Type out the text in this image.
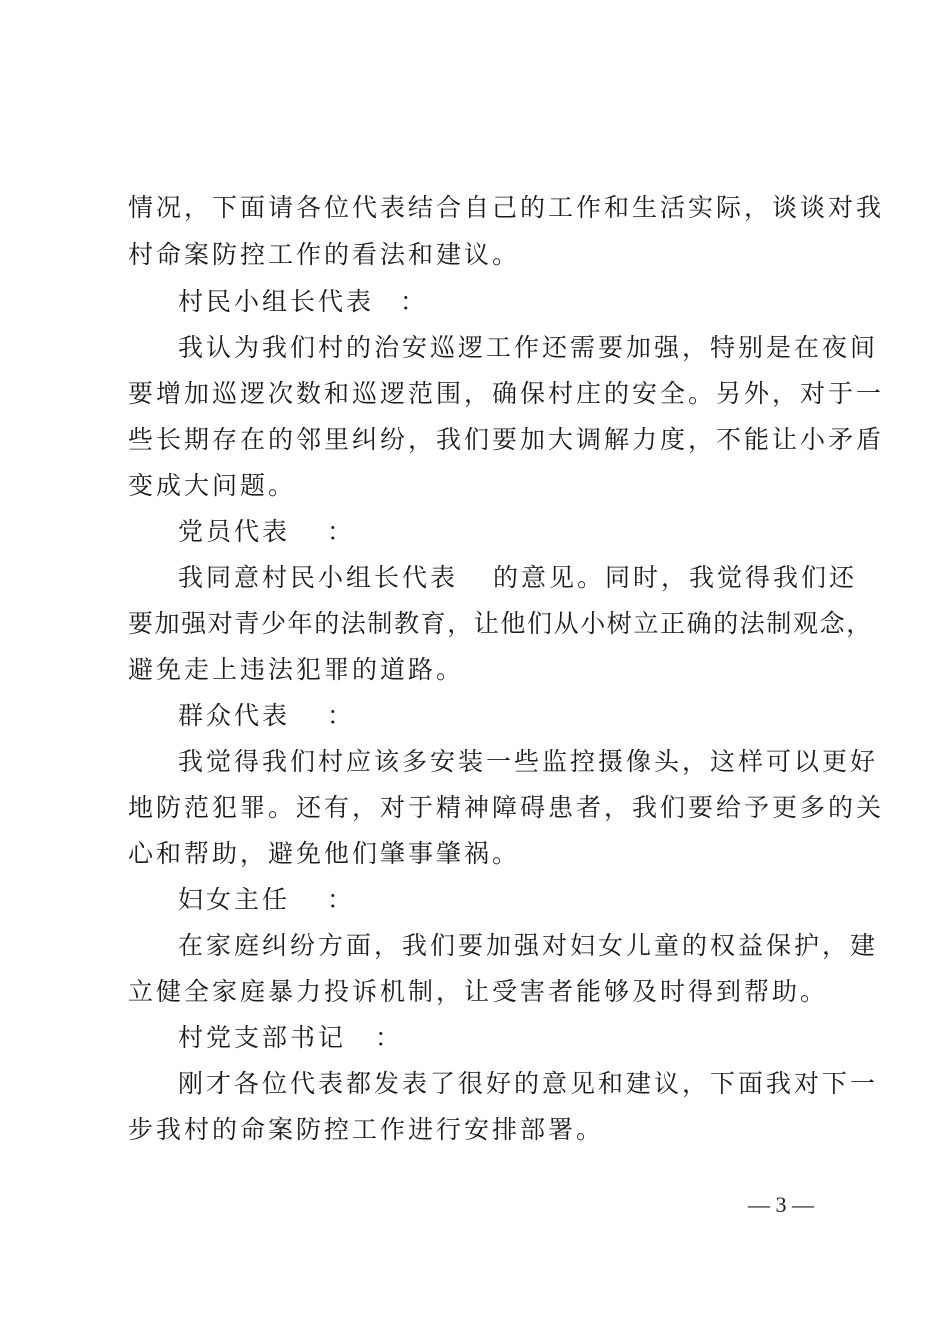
情况，下面请各位代表结合自己的工作和生活实际，谈谈对我
村命案防控工作的看法和建议。
村民小组长代表 ：
我认为我们村的治安巡逻工作还需要加强，特别是在夜间
要增加巡逻次数和巡逻范围，确保村庄的安全。另外，对于一
些长期存在的邻里纠纷，我们要加大调解力度，不能让小矛盾
变成大问题。
党员代表 ：
我同意村民小组长代表 的意见。同时，我觉得我们还
要加强对青少年的法制教育，让他们从小树立正确的法制观念，
避免走上违法犯罪的道路。
群众代表 ：
我觉得我们村应该多安装一些监控摄像头，这样可以更好
地防范犯罪。还有，对于精神障碍患者，我们要给予更多的关
心和帮助，避免他们肇事肇祸。
妇女主任 ：
在家庭纠纷方面，我们要加强对妇女儿童的权益保护，建
立健全家庭暴力投诉机制，让受害者能够及时得到帮助。
村党支部书记 ：
刚才各位代表都发表了很好的意见和建议，下面我对下一
步我村的命案防控工作进行安排部署。
— 3 —
